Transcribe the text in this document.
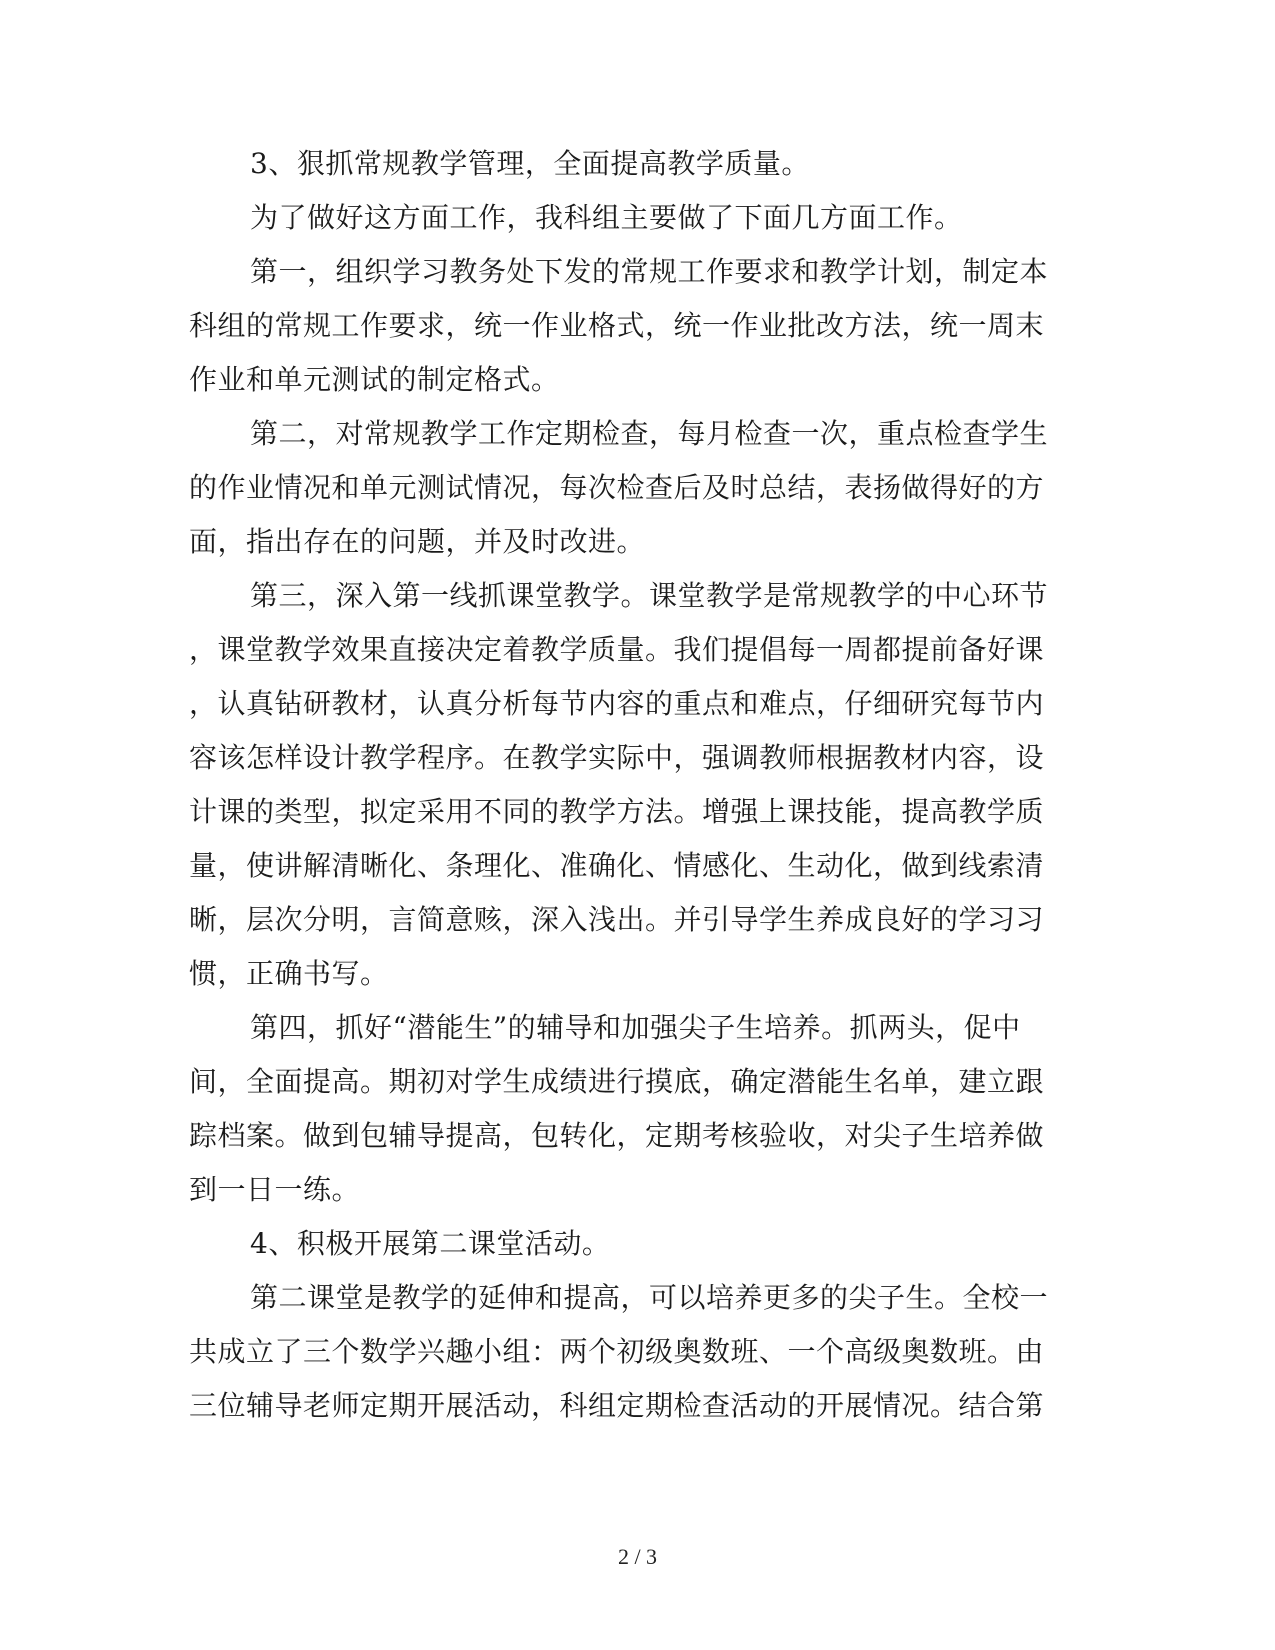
3、狠抓常规教学管理，全面提高教学质量。
为了做好这方面工作，我科组主要做了下面几方面工作。
第一，组织学习教务处下发的常规工作要求和教学计划，制定本
科组的常规工作要求，统一作业格式，统一作业批改方法，统一周末
作业和单元测试的制定格式。
第二，对常规教学工作定期检查，每月检查一次，重点检查学生
的作业情况和单元测试情况，每次检查后及时总结，表扬做得好的方
面，指出存在的问题，并及时改进。
第三，深入第一线抓课堂教学。课堂教学是常规教学的中心环节
，课堂教学效果直接决定着教学质量。我们提倡每一周都提前备好课
，认真钻研教材，认真分析每节内容的重点和难点，仔细研究每节内
容该怎样设计教学程序。在教学实际中，强调教师根据教材内容，设
计课的类型，拟定采用不同的教学方法。增强上课技能，提高教学质
量，使讲解清晰化、条理化、准确化、情感化、生动化，做到线索清
晰，层次分明，言简意赅，深入浅出。并引导学生养成良好的学习习
惯，正确书写。
第四，抓好“潜能生”的辅导和加强尖子生培养。抓两头，促中
间，全面提高。期初对学生成绩进行摸底，确定潜能生名单，建立跟
踪档案。做到包辅导提高，包转化，定期考核验收，对尖子生培养做
到一日一练。
4、积极开展第二课堂活动。
第二课堂是教学的延伸和提高，可以培养更多的尖子生。全校一
共成立了三个数学兴趣小组：两个初级奥数班、一个高级奥数班。由
三位辅导老师定期开展活动，科组定期检查活动的开展情况。结合第
2 / 3
